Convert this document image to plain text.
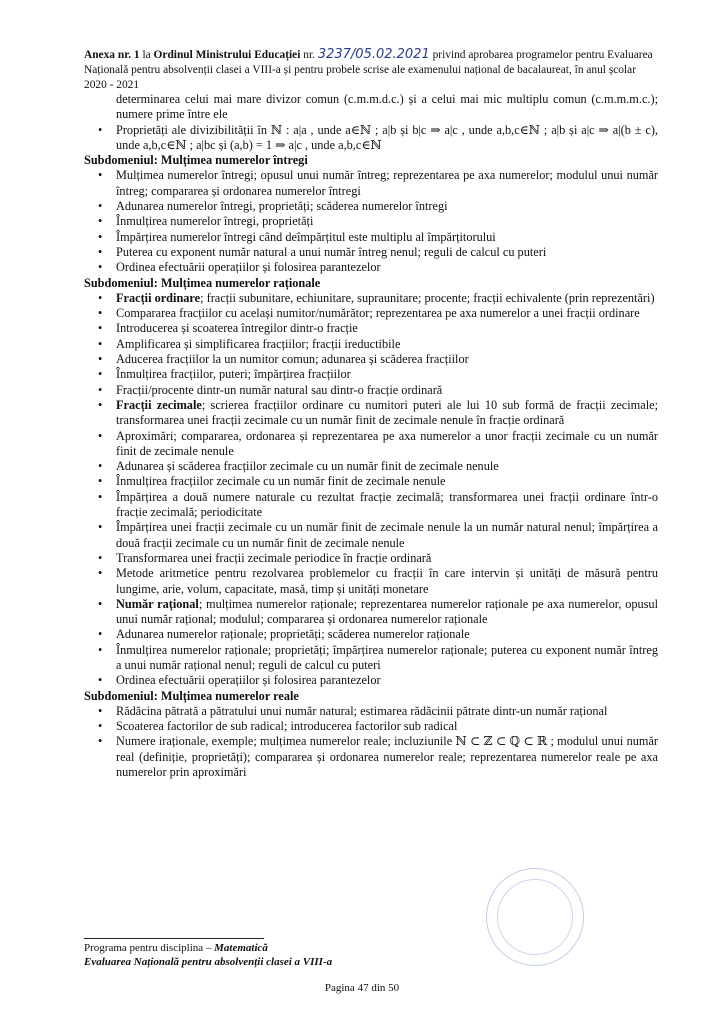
Anexa nr. 1 la Ordinul Ministrului Educației nr. 3237/05.02.2021 privind aprobarea programelor pentru Evaluarea Națională pentru absolvenții clasei a VIII-a și pentru probele scrise ale examenului național de bacalaureat, în anul școlar 2020 - 2021
determinarea celui mai mare divizor comun (c.m.m.d.c.) și a celui mai mic multiplu comun (c.m.m.m.c.); numere prime între ele
• Proprietăți ale divizibilității în ℕ : a|a , unde a∈ℕ ; a|b și b|c ⇒ a|c , unde a,b,c∈ℕ ; a|b și a|c ⇒ a|(b ± c), unde a,b,c∈ℕ ; a|bc și (a,b) = 1 ⇒ a|c , unde a,b,c∈ℕ
Subdomeniul: Mulțimea numerelor întregi
• Mulțimea numerelor întregi; opusul unui număr întreg; reprezentarea pe axa numerelor; modulul unui număr întreg; compararea și ordonarea numerelor întregi
• Adunarea numerelor întregi, proprietăți; scăderea numerelor întregi
• Înmulțirea numerelor întregi, proprietăți
• Împărțirea numerelor întregi când deîmpărțitul este multiplu al împărțitorului
• Puterea cu exponent număr natural a unui număr întreg nenul; reguli de calcul cu puteri
• Ordinea efectuării operațiilor și folosirea parantezelor
Subdomeniul: Mulțimea numerelor raționale
• Fracții ordinare; fracții subunitare, echiunitare, supraunitare; procente; fracții echivalente (prin reprezentări)
• Compararea fracțiilor cu același numitor/numărător; reprezentarea pe axa numerelor a unei fracții ordinare
• Introducerea și scoaterea întregilor dintr-o fracție
• Amplificarea și simplificarea fracțiilor; fracții ireductibile
• Aducerea fracțiilor la un numitor comun; adunarea și scăderea fracțiilor
• Înmulțirea fracțiilor, puteri; împărțirea fracțiilor
• Fracții/procente dintr-un număr natural sau dintr-o fracție ordinară
• Fracții zecimale; scrierea fracțiilor ordinare cu numitori puteri ale lui 10 sub formă de fracții zecimale; transformarea unei fracții zecimale cu un număr finit de zecimale nenule în fracție ordinară
• Aproximări; compararea, ordonarea și reprezentarea pe axa numerelor a unor fracții zecimale cu un număr finit de zecimale nenule
• Adunarea și scăderea fracțiilor zecimale cu un număr finit de zecimale nenule
• Înmulțirea fracțiilor zecimale cu un număr finit de zecimale nenule
• Împărțirea a două numere naturale cu rezultat fracție zecimală; transformarea unei fracții ordinare într-o fracție zecimală; periodicitate
• Împărțirea unei fracții zecimale cu un număr finit de zecimale nenule la un număr natural nenul; împărțirea a două fracții zecimale cu un număr finit de zecimale nenule
• Transformarea unei fracții zecimale periodice în fracție ordinară
• Metode aritmetice pentru rezolvarea problemelor cu fracții în care intervin și unități de măsură pentru lungime, arie, volum, capacitate, masă, timp și unități monetare
• Număr rațional; mulțimea numerelor raționale; reprezentarea numerelor raționale pe axa numerelor, opusul unui număr rațional; modulul; compararea și ordonarea numerelor raționale
• Adunarea numerelor raționale; proprietăți; scăderea numerelor raționale
• Înmulțirea numerelor raționale; proprietăți; împărțirea numerelor raționale; puterea cu exponent număr întreg a unui număr rațional nenul; reguli de calcul cu puteri
• Ordinea efectuării operațiilor și folosirea parantezelor
Subdomeniul: Mulțimea numerelor reale
• Rădăcina pătrată a pătratului unui număr natural; estimarea rădăcinii pătrate dintr-un număr rațional
• Scoaterea factorilor de sub radical; introducerea factorilor sub radical
• Numere iraționale, exemple; mulțimea numerelor reale; incluziunile ℕ ⊂ ℤ ⊂ ℚ ⊂ ℝ ; modulul unui număr real (definiție, proprietăți); compararea și ordonarea numerelor reale; reprezentarea numerelor reale pe axa numerelor prin aproximări
Programa pentru disciplina – Matematică
Evaluarea Națională pentru absolvenții clasei a VIII-a
Pagina 47 din 50
